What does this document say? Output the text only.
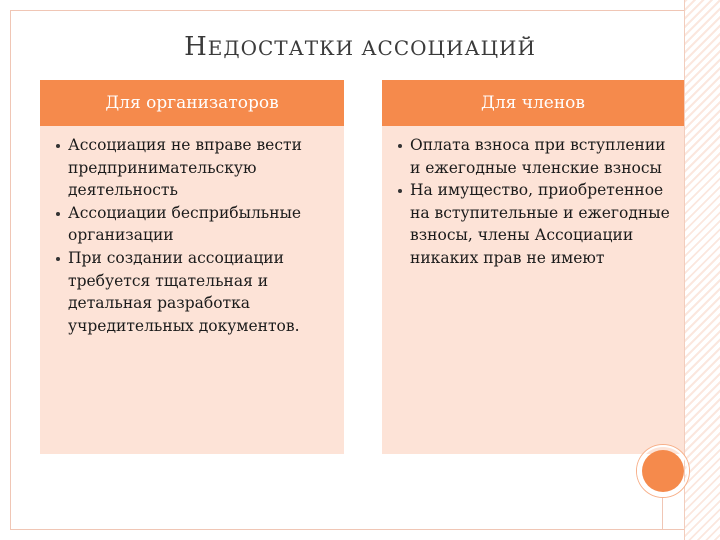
НЕДОСТАТКИ АССОЦИАЦИЙ
Для организаторов
Ассоциация не вправе вести предпринимательскую деятельность
Ассоциации бесприбыльные организации
При создании ассоциации требуется тщательная и детальная разработка учредительных документов.
Для членов
Оплата взноса при вступлении и ежегодные членские взносы
На имущество, приобретенное на вступительные и ежегодные взносы, члены Ассоциации никаких прав не имеют
